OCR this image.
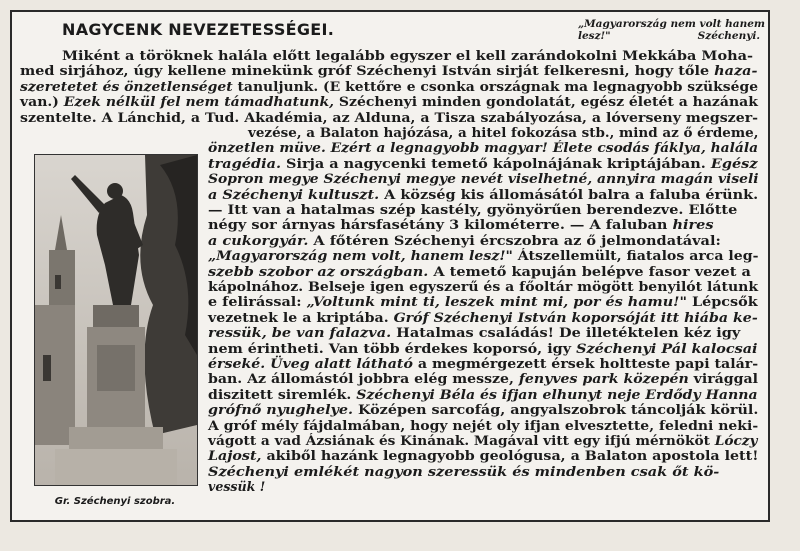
NAGYCENK NEVEZETESSÉGEI.	„Magyarország nem volt hanem lesz!"	Széchenyi.
Gr. Széchenyi szobra.
Miként a töröknek halála előtt legalább egyszer el kell zarándokolni Mekkába Moha-
med sirjához, úgy kellene minekünk gróf Széchenyi István sirját felkeresni, hogy tőle haza-
szeretetet és önzetlenséget tanuljunk. (E kettőre e csonka országnak ma legnagyobb szüksége
van.) Ezek nélkül fel nem támadhatunk, Széchenyi minden gondolatát, egész életét a hazának
szentelte. A Lánchid, a Tud. Akadémia, az Alduna, a Tisza szabályozása, a lóverseny megszer-
vezése, a Balaton hajózása, a hitel fokozása stb., mind az ő érdeme,
önzetlen müve. Ezért a legnagyobb magyar! Élete csodás fáklya, halála
tragédia. Sirja a nagycenki temető kápolnájának kriptájában. Egész
Sopron megye Széchenyi megye nevét viselhetné, annyira magán viseli
a Széchenyi kultuszt. A község kis állomásától balra a faluba érünk.
— Itt van a hatalmas szép kastély, gyönyörűen berendezve. Előtte
négy sor árnyas hársfasétány 3 kilométerre. — A faluban hires
a cukorgyár. A főtéren Széchenyi ércszobra az ő jelmondatával:
„Magyarország nem volt, hanem lesz!" Átszellemült, fiatalos arca leg-
szebb szobor az országban. A temető kapuján belépve fasor vezet a
kápolnához. Belseje igen egyszerű és a főoltár mögött benyilót látunk
e felirással: „Voltunk mint ti, leszek mint mi, por és hamu!" Lépcsők
vezetnek le a kriptába. Gróf Széchenyi István koporsóját itt hiába ke-
ressük, be van falazva. Hatalmas családás! De illetéktelen kéz igy
nem érintheti. Van több érdekes koporsó, igy Széchenyi Pál kalocsai
érseké. Üveg alatt látható a megmérgezett érsek holtteste papi talár-
ban. Az állomástól jobbra elég messze, fenyves park közepén virággal
diszitett siremlék. Széchenyi Béla és ifjan elhunyt neje Erdődy Hanna
grófnő nyughelye. Középen sarcofág, angyalszobrok táncolják körül.
A gróf mély fájdalmában, hogy nejét oly ifjan elvesztette, feledni neki-
vágott a vad Ázsiának és Kinának. Magával vitt egy ifjú mérnököt Lóczy
Lajost, akiből hazánk legnagyobb geológusa, a Balaton apostola lett!
Széchenyi emlékét nagyon szeressük és mindenben csak őt kö-
vessük !
